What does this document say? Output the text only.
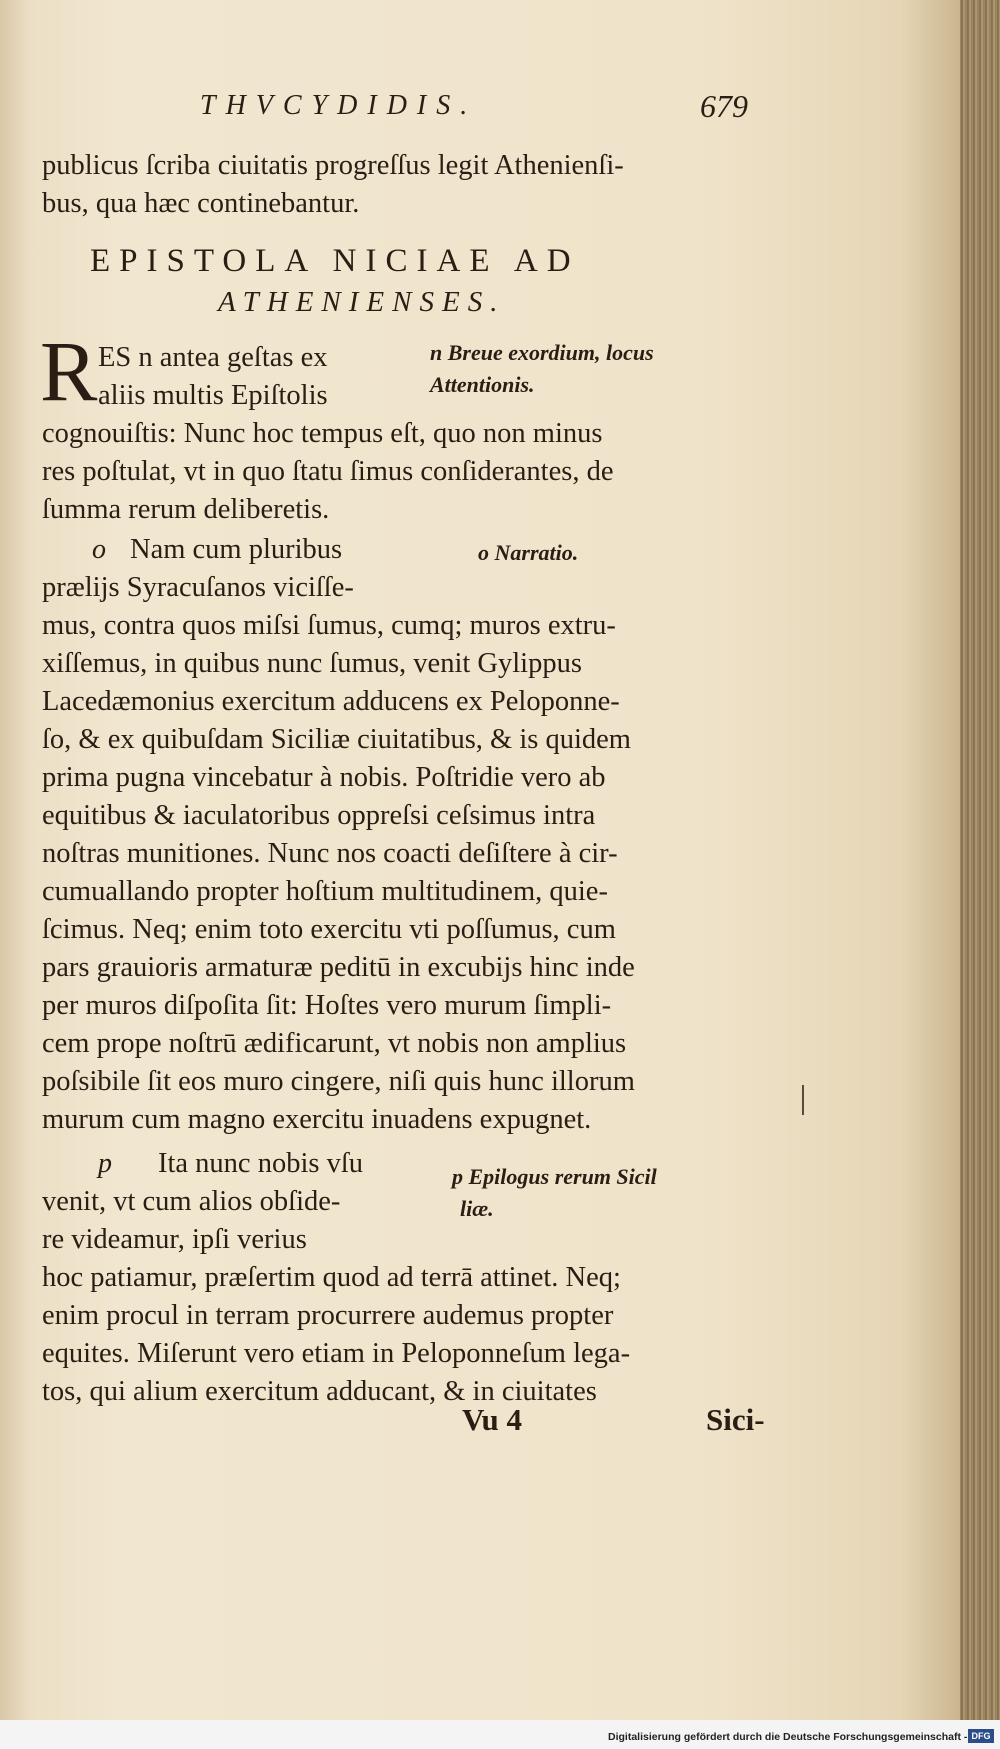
THVCYDIDIS.	679
publicus ſcriba ciuitatis progreſſus legit Athenienſi-
bus, qua hæc continebantur.
EPISTOLA NICIAE AD
ATHENIENSES.
R ES n antea geſtas ex
aliis multis Epiſtolis
cognouiſtis: Nunc hoc tempus eſt, quo non minus
res poſtulat, vt in quo ſtatu ſimus conſiderantes, de
ſumma rerum deliberetis.
n Breue exordium, locus
Attentionis.
o Nam cum pluribus	o Narratio.
prælijs Syracuſanos viciſſe-
mus, contra quos miſsi ſumus, cumq; muros extru-
xiſſemus, in quibus nunc ſumus, venit Gylippus
Lacedæmonius exercitum adducens ex Peloponne-
ſo, & ex quibuſdam Siciliæ ciuitatibus, & is quidem
prima pugna vincebatur à nobis. Poſtridie vero ab
equitibus & iaculatoribus oppreſsi ceſsimus intra
noſtras munitiones. Nunc nos coacti deſiſtere à cir-
cumuallando propter hoſtium multitudinem, quie-
ſcimus. Neq; enim toto exercitu vti poſſumus, cum
pars grauioris armaturæ peditū in excubijs hinc inde
per muros diſpoſita ſit: Hoſtes vero murum ſimpli-
cem prope noſtrū ædificarunt, vt nobis non amplius
poſsibile ſit eos muro cingere, niſi quis hunc illorum
murum cum magno exercitu inuadens expugnet.
p Ita nunc nobis vſu
venit, vt cum alios obſide-
re videamur, ipſi verius
p Epilogus rerum Sicil
liæ.
hoc patiamur, præſertim quod ad terrā attinet. Neq;
enim procul in terram procurrere audemus propter
equites. Miſerunt vero etiam in Peloponneſum lega-
tos, qui alium exercitum adducant, & in ciuitates
Vu 4	Sici-
Digitalisierung gefördert durch die Deutsche Forschungsgemeinschaft - DFG
